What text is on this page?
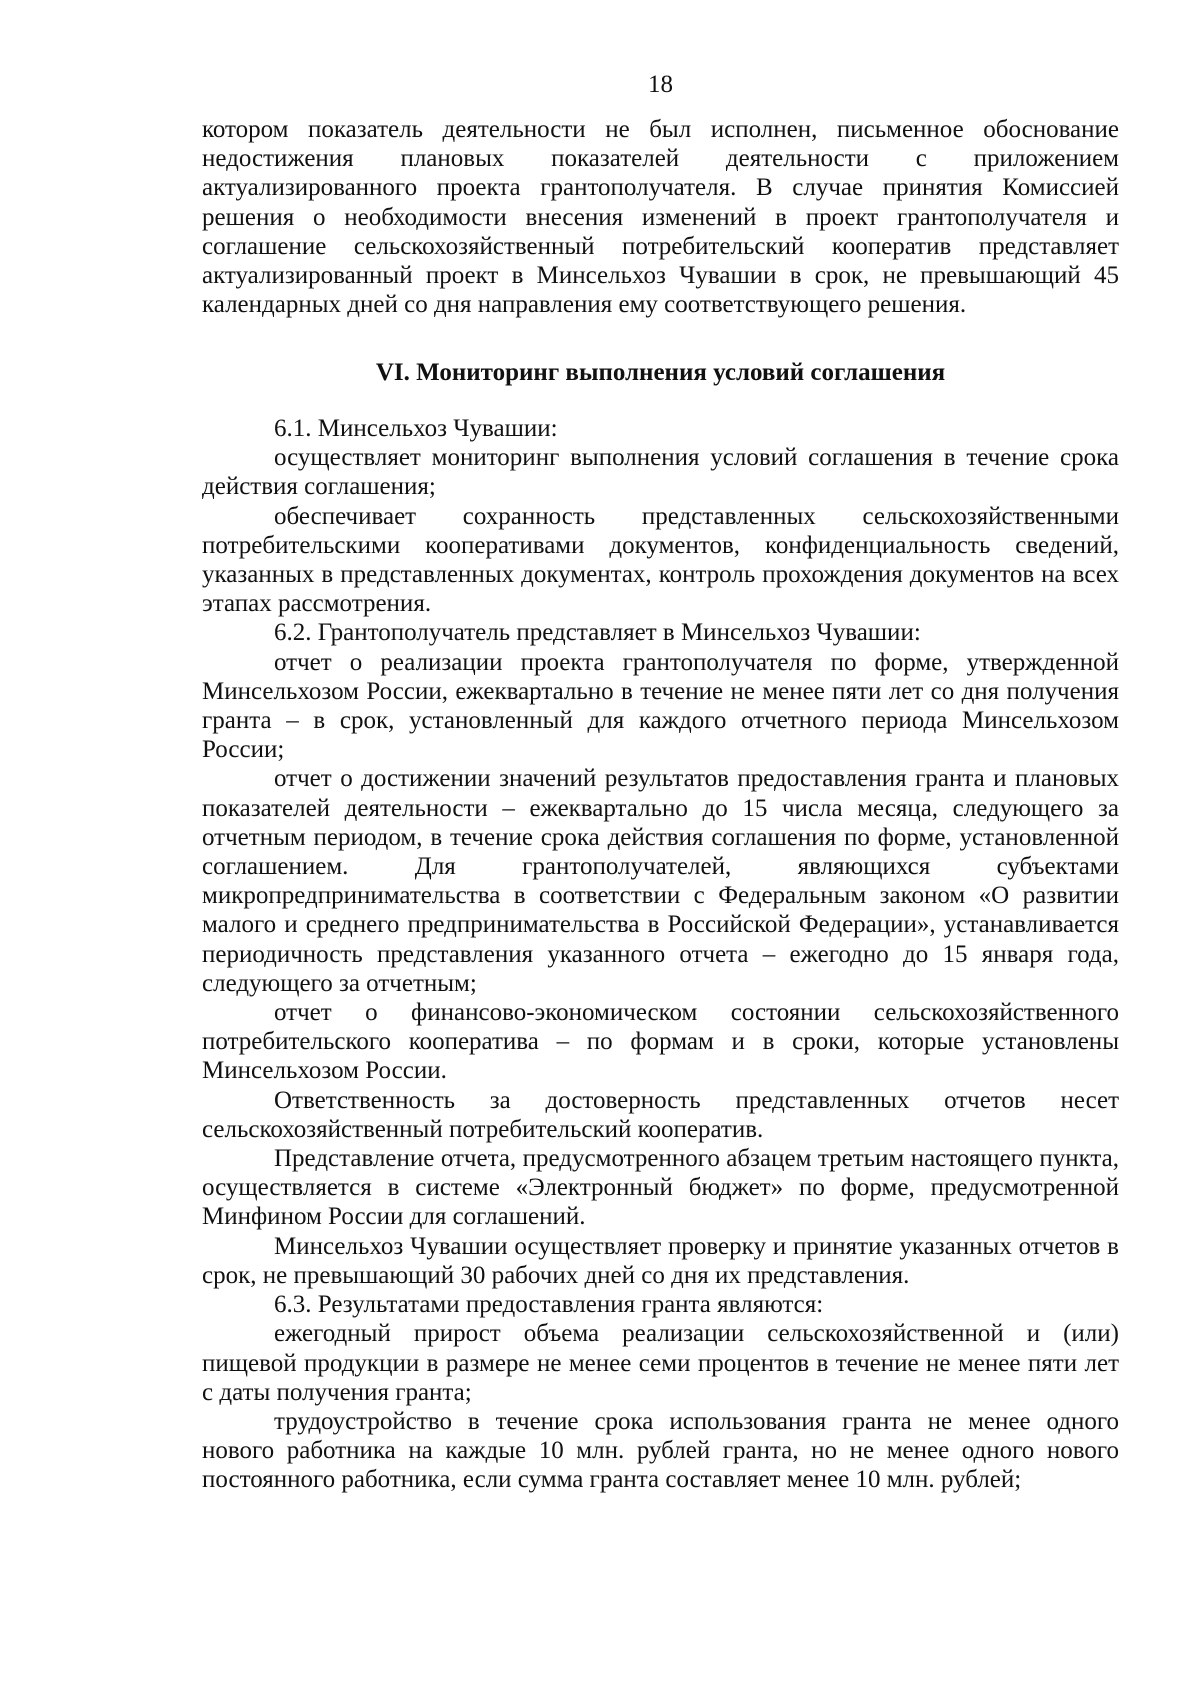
18

котором показатель деятельности не был исполнен, письменное обоснование недостижения плановых показателей деятельности с приложением актуализированного проекта грантополучателя. В случае принятия Комиссией решения о необходимости внесения изменений в проект грантополучателя и соглашение сельскохозяйственный потребительский кооператив представляет актуализированный проект в Минсельхоз Чувашии в срок, не превышающий 45 календарных дней со дня направления ему соответствующего решения.

VI. Мониторинг выполнения условий соглашения

6.1. Минсельхоз Чувашии:

осуществляет мониторинг выполнения условий соглашения в течение срока действия соглашения;

обеспечивает сохранность представленных сельскохозяйственными потребительскими кооперативами документов, конфиденциальность сведений, указанных в представленных документах, контроль прохождения документов на всех этапах рассмотрения.

6.2. Грантополучатель представляет в Минсельхоз Чувашии:

отчет о реализации проекта грантополучателя по форме, утвержденной Минсельхозом России, ежеквартально в течение не менее пяти лет со дня получения гранта – в срок, установленный для каждого отчетного периода Минсельхозом России;

отчет о достижении значений результатов предоставления гранта и плановых показателей деятельности – ежеквартально до 15 числа месяца, следующего за отчетным периодом, в течение срока действия соглашения по форме, установленной соглашением. Для грантополучателей, являющихся субъектами микропредпринимательства в соответствии с Федеральным законом «О развитии малого и среднего предпринимательства в Российской Федерации», устанавливается периодичность представления указанного отчета – ежегодно до 15 января года, следующего за отчетным;

отчет о финансово-экономическом состоянии сельскохозяйственного потребительского кооператива – по формам и в сроки, которые установлены Минсельхозом России.

Ответственность за достоверность представленных отчетов несет сельскохозяйственный потребительский кооператив.

Представление отчета, предусмотренного абзацем третьим настоящего пункта, осуществляется в системе «Электронный бюджет» по форме, предусмотренной Минфином России для соглашений.

Минсельхоз Чувашии осуществляет проверку и принятие указанных отчетов в срок, не превышающий 30 рабочих дней со дня их представления.

6.3. Результатами предоставления гранта являются:

ежегодный прирост объема реализации сельскохозяйственной и (или) пищевой продукции в размере не менее семи процентов в течение не менее пяти лет с даты получения гранта;

трудоустройство в течение срока использования гранта не менее одного нового работника на каждые 10 млн. рублей гранта, но не менее одного нового постоянного работника, если сумма гранта составляет менее 10 млн. рублей;
